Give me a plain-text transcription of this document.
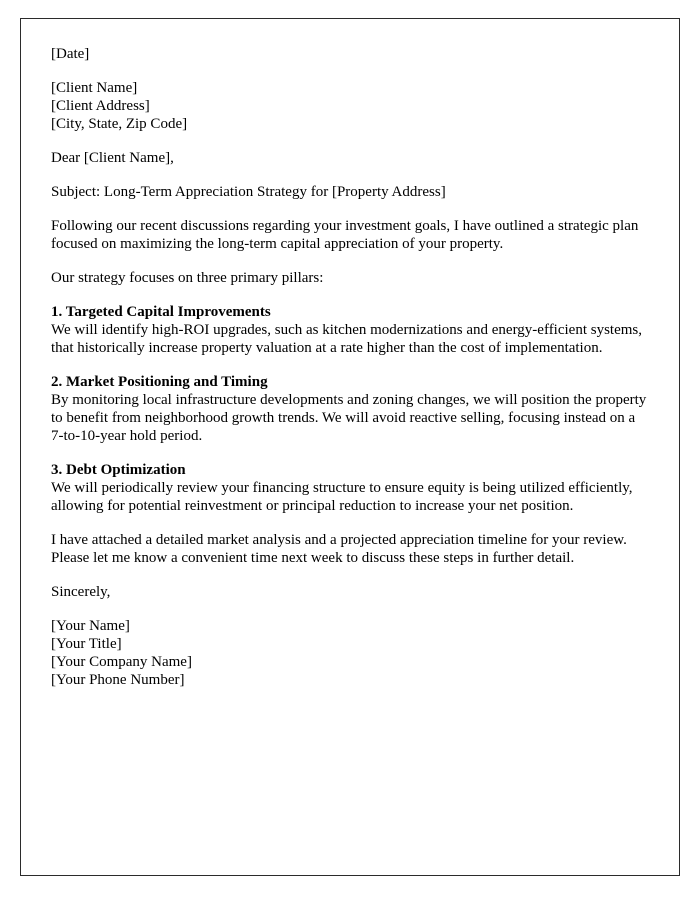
[Date]

[Client Name]

[Client Address]

[City, State, Zip Code]

Dear [Client Name],

Subject: Long-Term Appreciation Strategy for [Property Address]

Following our recent discussions regarding your investment goals, I have outlined a strategic plan focused on maximizing the long-term capital appreciation of your property.

Our strategy focuses on three primary pillars:

1. Targeted Capital Improvements

We will identify high-ROI upgrades, such as kitchen modernizations and energy-efficient systems, that historically increase property valuation at a rate higher than the cost of implementation.

2. Market Positioning and Timing

By monitoring local infrastructure developments and zoning changes, we will position the property to benefit from neighborhood growth trends. We will avoid reactive selling, focusing instead on a 7-to-10-year hold period.

3. Debt Optimization

We will periodically review your financing structure to ensure equity is being utilized efficiently, allowing for potential reinvestment or principal reduction to increase your net position.

I have attached a detailed market analysis and a projected appreciation timeline for your review. Please let me know a convenient time next week to discuss these steps in further detail.

Sincerely,

[Your Name]

[Your Title]

[Your Company Name]

[Your Phone Number]
